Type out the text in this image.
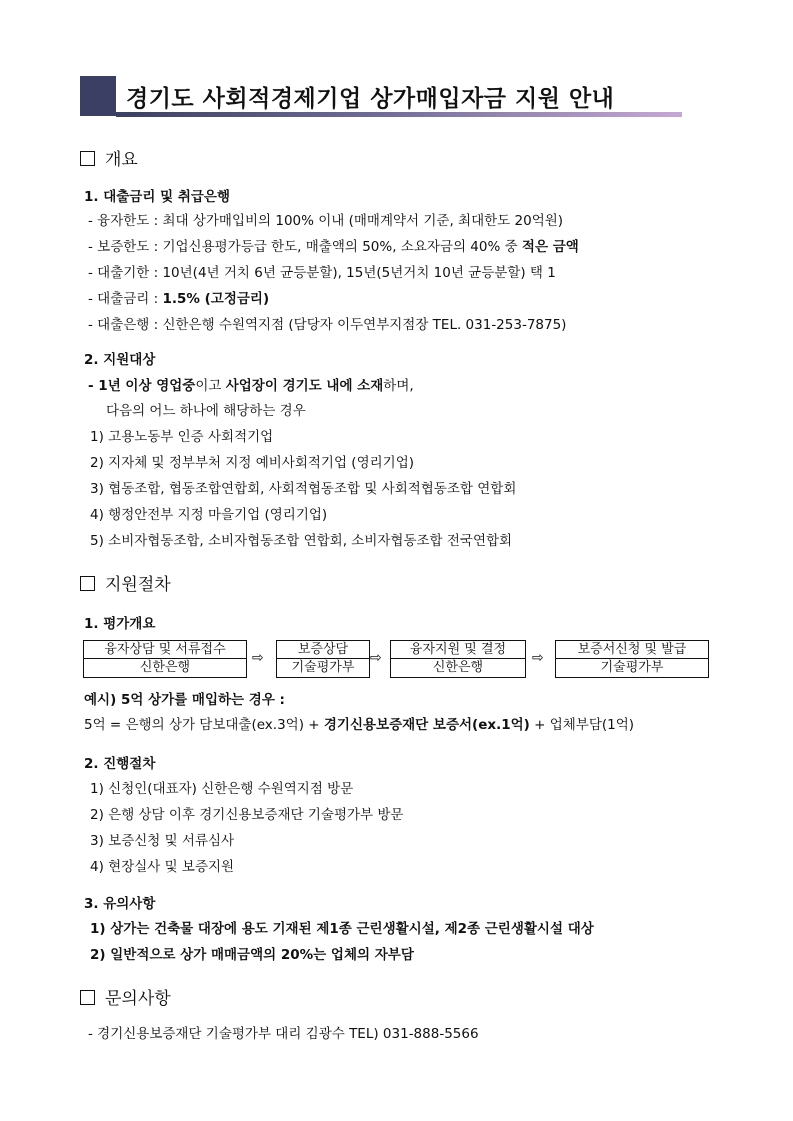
경기도 사회적경제기업 상가매입자금 지원 안내
개요
1. 대출금리 및 취급은행
- 융자한도 : 최대 상가매입비의 100% 이내 (매매계약서 기준, 최대한도 20억원)
- 보증한도 : 기업신용평가등급 한도, 매출액의 50%, 소요자금의 40% 중 적은 금액
- 대출기한 : 10년(4년 거치 6년 균등분할), 15년(5년거치 10년 균등분할) 택 1
- 대출금리 : 1.5% (고정금리)
- 대출은행 : 신한은행 수원역지점 (담당자 이두연부지점장 TEL. 031-253-7875)
2. 지원대상
- 1년 이상 영업중이고 사업장이 경기도 내에 소재하며,
다음의 어느 하나에 해당하는 경우
1) 고용노동부 인증 사회적기업
2) 지자체 및 정부부처 지정 예비사회적기업 (영리기업)
3) 협동조합, 협동조합연합회, 사회적협동조합 및 사회적협동조합 연합회
4) 행정안전부 지정 마을기업 (영리기업)
5) 소비자협동조합, 소비자협동조합 연합회, 소비자협동조합 전국연합회
지원절차
1. 평가개요
융자상담 및 서류접수
신한은행
⇨
보증상담
기술평가부
⇨
융자지원 및 결정
신한은행
⇨
보증서신청 및 발급
기술평가부
예시) 5억 상가를 매입하는 경우 :
5억 = 은행의 상가 담보대출(ex.3억) + 경기신용보증재단 보증서(ex.1억) + 업체부담(1억)
2. 진행절차
1) 신청인(대표자) 신한은행 수원역지점 방문
2) 은행 상담 이후 경기신용보증재단 기술평가부 방문
3) 보증신청 및 서류심사
4) 현장실사 및 보증지원
3. 유의사항
1) 상가는 건축물 대장에 용도 기재된 제1종 근린생활시설, 제2종 근린생활시설 대상
2) 일반적으로 상가 매매금액의 20%는 업체의 자부담
문의사항
- 경기신용보증재단 기술평가부 대리 김광수 TEL) 031-888-5566
